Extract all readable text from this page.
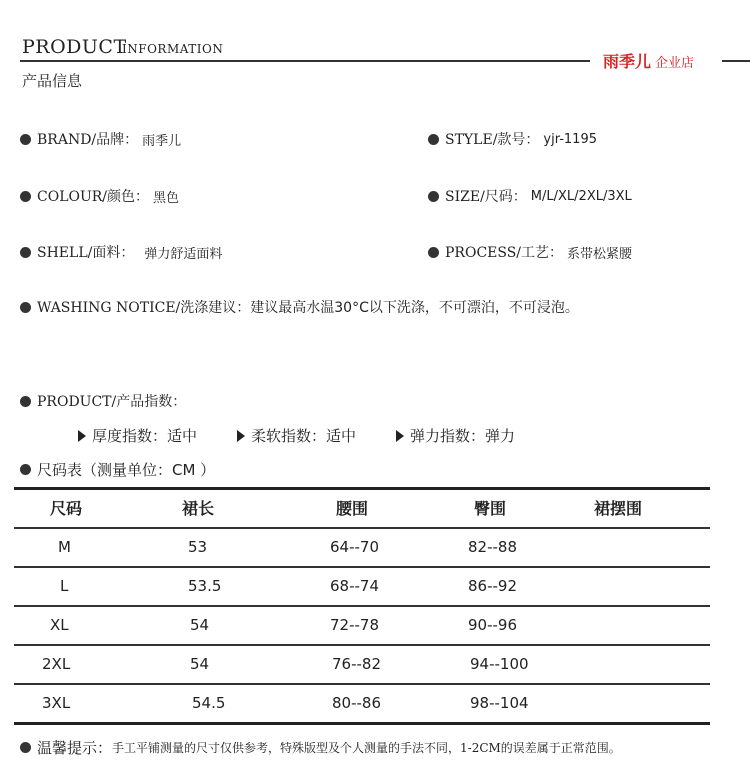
PRODUCT
INFORMATION
雨季儿 企业店
产品信息
BRAND/品牌： 雨季儿	STYLE/款号： yjr-1195
COLOUR/颜色： 黑色	SIZE/尺码： M/L/XL/2XL/3XL
SHELL/面料： 弹力舒适面料	PROCESS/工艺： 系带松紧腰
WASHING NOTICE/洗涤建议： 建议最高水温30°C以下洗涤，不可漂泊，不可浸泡。
PRODUCT/产品指数：
厚度指数：适中	柔软指数：适中	弹力指数：弹力
尺码表（测量单位：CM ）
尺码	裙长	腰围	臀围	裙摆围
M	53	64--70	82--88
L	53.5	68--74	86--92
XL	54	72--78	90--96
2XL	54	76--82	94--100
3XL	54.5	80--86	98--104
温馨提示： 手工平铺测量的尺寸仅供参考，特殊版型及个人测量的手法不同，1-2CM的误差属于正常范围。
